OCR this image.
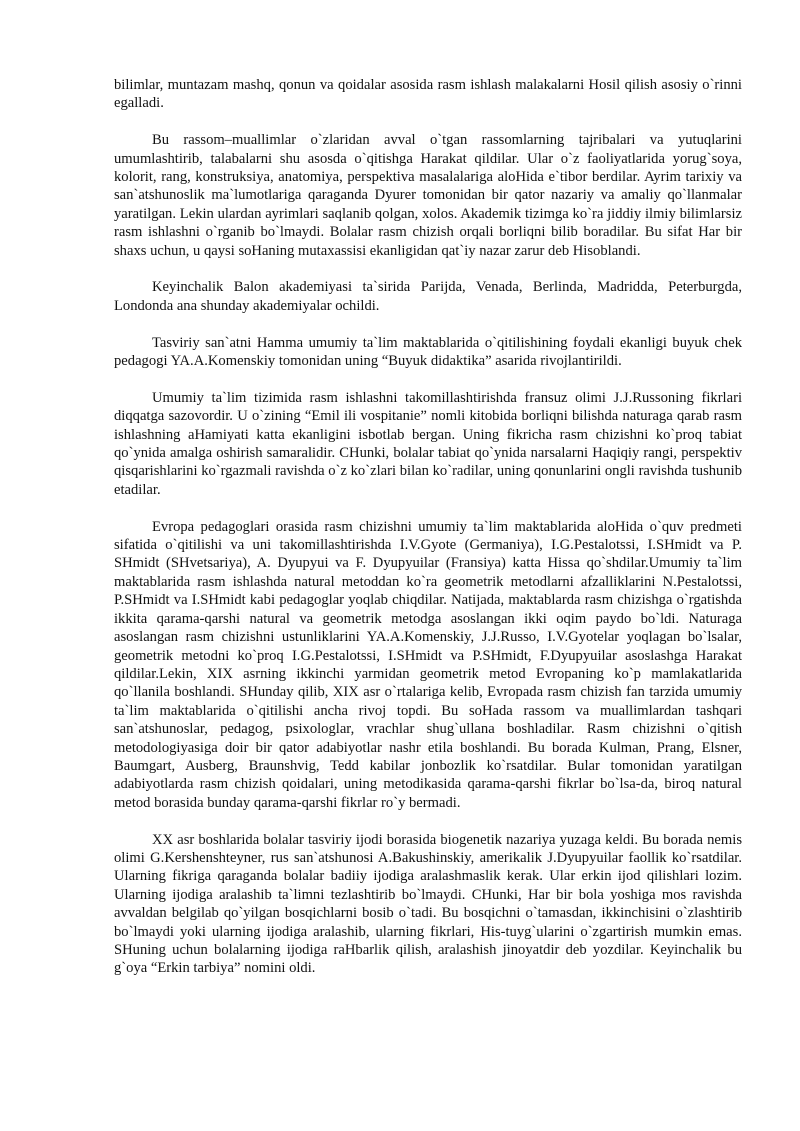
bilimlar, muntazam mashq, qonun va qoidalar asosida rasm ishlash malakalarni Hosil qilish asosiy o`rinni egalladi.

Bu rassom–muallimlar o`zlaridan avval o`tgan rassomlarning tajribalari va yutuqlarini umumlashtirib, talabalarni shu asosda o`qitishga Harakat qildilar. Ular o`z faoliyatlarida yorug`soya, kolorit, rang, konstruksiya, anatomiya, perspektiva masalalariga aloHida e`tibor berdilar. Ayrim tarixiy va san`atshunoslik ma`lumotlariga qaraganda Dyurer tomonidan bir qator nazariy va amaliy qo`llanmalar yaratilgan. Lekin ulardan ayrimlari saqlanib qolgan, xolos. Akademik tizimga ko`ra jiddiy ilmiy bilimlarsiz rasm ishlashni o`rganib bo`lmaydi. Bolalar rasm chizish orqali borliqni bilib boradilar. Bu sifat Har bir shaxs uchun, u qaysi soHaning mutaxassisi ekanligidan qat`iy nazar zarur deb Hisoblandi.

Keyinchalik Balon akademiyasi ta`sirida Parijda, Venada, Berlinda, Madridda, Peterburgda, Londonda ana shunday akademiyalar ochildi.

Tasviriy san`atni Hamma umumiy ta`lim maktablarida o`qitilishining foydali ekanligi buyuk chek pedagogi YA.A.Komenskiy tomonidan uning “Buyuk didaktika” asarida rivojlantirildi.

Umumiy ta`lim tizimida rasm ishlashni takomillashtirishda fransuz olimi J.J.Russoning fikrlari diqqatga sazovordir. U o`zining “Emil ili vospitanie” nomli kitobida borliqni bilishda naturaga qarab rasm ishlashning aHamiyati katta ekanligini isbotlab bergan. Uning fikricha rasm chizishni ko`proq tabiat qo`ynida amalga oshirish samaralidir. CHunki, bolalar tabiat qo`ynida narsalarni Haqiqiy rangi, perspektiv qisqarishlarini ko`rgazmali ravishda o`z ko`zlari bilan ko`radilar, uning qonunlarini ongli ravishda tushunib etadilar.

Evropa pedagoglari orasida rasm chizishni umumiy ta`lim maktablarida aloHida o`quv predmeti sifatida o`qitilishi va uni takomillashtirishda I.V.Gyote (Germaniya), I.G.Pestalotssi, I.SHmidt va P. SHmidt (SHvetsariya), A. Dyupyui va F. Dyupyuilar (Fransiya) katta Hissa qo`shdilar.Umumiy ta`lim maktablarida rasm ishlashda natural metoddan ko`ra geometrik metodlarni afzalliklarini N.Pestalotssi, P.SHmidt va I.SHmidt kabi pedagoglar yoqlab chiqdilar. Natijada, maktablarda rasm chizishga o`rgatishda ikkita qarama-qarshi natural va geometrik metodga asoslangan ikki oqim paydo bo`ldi. Naturaga asoslangan rasm chizishni ustunliklarini YA.A.Komenskiy, J.J.Russo, I.V.Gyotelar yoqlagan bo`lsalar, geometrik metodni ko`proq I.G.Pestalotssi, I.SHmidt va P.SHmidt, F.Dyupyuilar asoslashga Harakat qildilar.Lekin, XIX asrning ikkinchi yarmidan geometrik metod Evropaning ko`p mamlakatlarida qo`llanila boshlandi. SHunday qilib, XIX asr o`rtalariga kelib, Evropada rasm chizish fan tarzida umumiy ta`lim maktablarida o`qitilishi ancha rivoj topdi. Bu soHada rassom va muallimlardan tashqari san`atshunoslar, pedagog, psixologlar, vrachlar shug`ullana boshladilar. Rasm chizishni o`qitish metodologiyasiga doir bir qator adabiyotlar nashr etila boshlandi. Bu borada Kulman, Prang, Elsner, Baumgart, Ausberg, Braunshvig, Tedd kabilar jonbozlik ko`rsatdilar. Bular tomonidan yaratilgan adabiyotlarda rasm chizish qoidalari, uning metodikasida qarama-qarshi fikrlar bo`lsa-da, biroq natural metod borasida bunday qarama-qarshi fikrlar ro`y bermadi.

XX asr boshlarida bolalar tasviriy ijodi borasida biogenetik nazariya yuzaga keldi. Bu borada nemis olimi G.Kershenshteyner, rus san`atshunosi A.Bakushinskiy, amerikalik J.Dyupyuilar faollik ko`rsatdilar. Ularning fikriga qaraganda bolalar badiiy ijodiga aralashmaslik kerak. Ular erkin ijod qilishlari lozim. Ularning ijodiga aralashib ta`limni tezlashtirib bo`lmaydi. CHunki, Har bir bola yoshiga mos ravishda avvaldan belgilab qo`yilgan bosqichlarni bosib o`tadi. Bu bosqichni o`tamasdan, ikkinchisini o`zlashtirib bo`lmaydi yoki ularning ijodiga aralashib, ularning fikrlari, His-tuyg`ularini o`zgartirish mumkin emas. SHuning uchun bolalarning ijodiga raHbarlik qilish, aralashish jinoyatdir deb yozdilar. Keyinchalik bu g`oya “Erkin tarbiya” nomini oldi.
